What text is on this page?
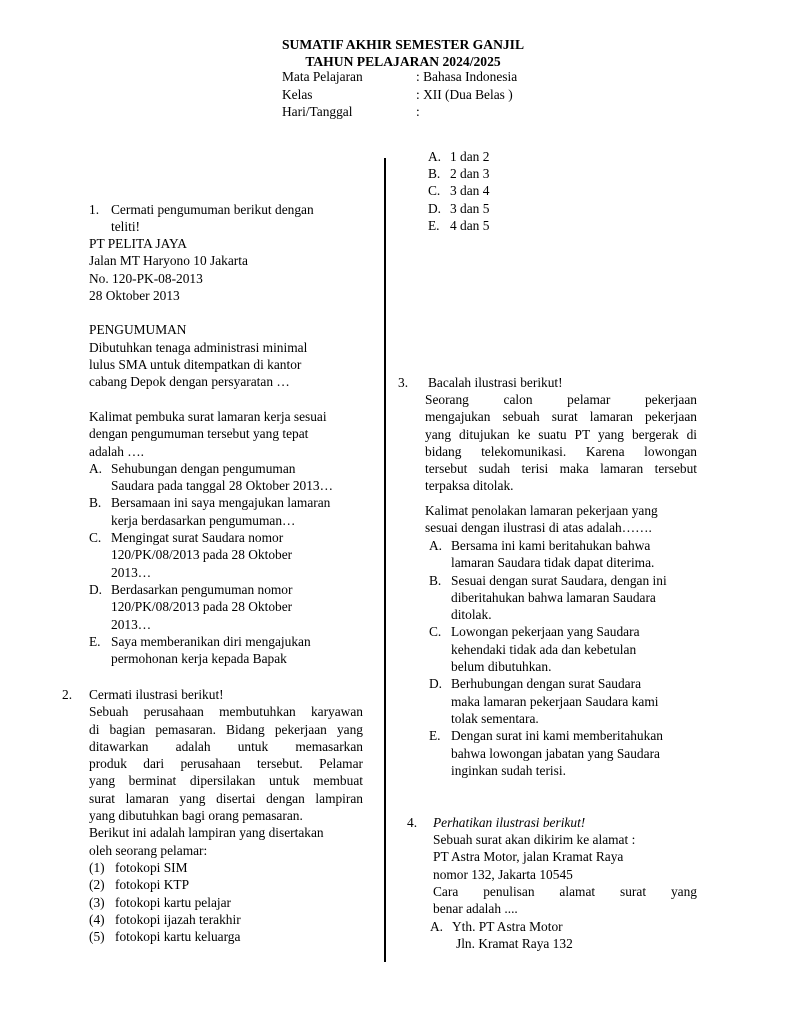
SUMATIF AKHIR SEMESTER GANJIL
TAHUN PELAJARAN 2024/2025
Mata Pelajaran	: Bahasa Indonesia
Kelas	: XII (Dua Belas )
Hari/Tanggal	:
1. Cermati pengumuman berikut dengan
teliti!
PT PELITA JAYA
Jalan MT Haryono 10 Jakarta
No. 120-PK-08-2013
28 Oktober 2013
PENGUMUMAN
Dibutuhkan tenaga administrasi minimal
lulus SMA untuk ditempatkan di kantor
cabang Depok dengan persyaratan …
Kalimat pembuka surat lamaran kerja sesuai
dengan pengumuman tersebut yang tepat
adalah ….
A. Sehubungan dengan pengumuman
Saudara pada tanggal 28 Oktober 2013…
B. Bersamaan ini saya mengajukan lamaran
kerja berdasarkan pengumuman…
C. Mengingat surat Saudara nomor
120/PK/08/2013 pada 28 Oktober
2013…
D. Berdasarkan pengumuman nomor
120/PK/08/2013 pada 28 Oktober
2013…
E. Saya memberanikan diri mengajukan
permohonan kerja kepada Bapak
2. Cermati ilustrasi berikut!
Sebuah perusahaan membutuhkan karyawan
di bagian pemasaran. Bidang pekerjaan yang
ditawarkan adalah untuk memasarkan
produk dari perusahaan tersebut. Pelamar
yang berminat dipersilakan untuk membuat
surat lamaran yang disertai dengan lampiran
yang dibutuhkan bagi orang pemasaran.
Berikut ini adalah lampiran yang disertakan
oleh seorang pelamar:
(1) fotokopi SIM
(2) fotokopi KTP
(3) fotokopi kartu pelajar
(4) fotokopi ijazah terakhir
(5) fotokopi kartu keluarga
A. 1 dan 2
B. 2 dan 3
C. 3 dan 4
D. 3 dan 5
E. 4 dan 5
3. Bacalah ilustrasi berikut!
Seorang calon pelamar pekerjaan
mengajukan sebuah surat lamaran pekerjaan
yang ditujukan ke suatu PT yang bergerak di
bidang telekomunikasi. Karena lowongan
tersebut sudah terisi maka lamaran tersebut
terpaksa ditolak.
Kalimat penolakan lamaran pekerjaan yang
sesuai dengan ilustrasi di atas adalah…….
A. Bersama ini kami beritahukan bahwa
lamaran Saudara tidak dapat diterima.
B. Sesuai dengan surat Saudara, dengan ini
diberitahukan bahwa lamaran Saudara
ditolak.
C. Lowongan pekerjaan yang Saudara
kehendaki tidak ada dan kebetulan
belum dibutuhkan.
D. Berhubungan dengan surat Saudara
maka lamaran pekerjaan Saudara kami
tolak sementara.
E. Dengan surat ini kami memberitahukan
bahwa lowongan jabatan yang Saudara
inginkan sudah terisi.
4. Perhatikan ilustrasi berikut!
Sebuah surat akan dikirim ke alamat :
PT Astra Motor, jalan Kramat Raya
nomor 132, Jakarta 10545
Cara penulisan alamat surat yang
benar adalah ....
A. Yth. PT Astra Motor
Jln. Kramat Raya 132
